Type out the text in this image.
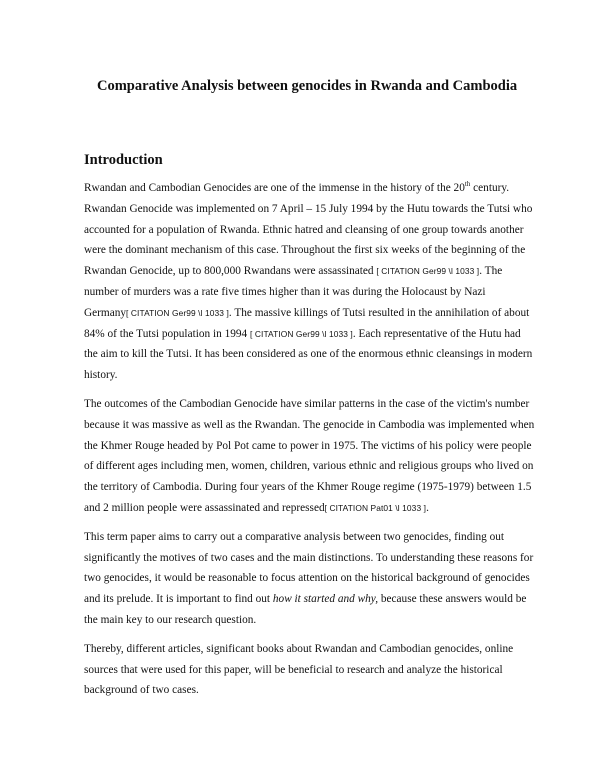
Comparative Analysis between genocides in Rwanda and Cambodia
Introduction

Rwandan and Cambodian Genocides are one of the immense in the history of the 20th century.
Rwandan Genocide was implemented on 7 April – 15 July 1994 by the Hutu towards the Tutsi who
accounted for a population of Rwanda. Ethnic hatred and cleansing of one group towards another
were the dominant mechanism of this case. Throughout the first six weeks of the beginning of the
Rwandan Genocide, up to 800,000 Rwandans were assassinated [ CITATION Ger99 \l 1033 ]. The
number of murders was a rate five times higher than it was during the Holocaust by Nazi
Germany[ CITATION Ger99 \l 1033 ]. The massive killings of Tutsi resulted in the annihilation of about
84% of the Tutsi population in 1994 [ CITATION Ger99 \l 1033 ]. Each representative of the Hutu had
the aim to kill the Tutsi. It has been considered as one of the enormous ethnic cleansings in modern
history.

The outcomes of the Cambodian Genocide have similar patterns in the case of the victim's number
because it was massive as well as the Rwandan. The genocide in Cambodia was implemented when
the Khmer Rouge headed by Pol Pot came to power in 1975. The victims of his policy were people
of different ages including men, women, children, various ethnic and religious groups who lived on
the territory of Cambodia. During four years of the Khmer Rouge regime (1975-1979) between 1.5
and 2 million people were assassinated and repressed[ CITATION Pat01 \l 1033 ].

This term paper aims to carry out a comparative analysis between two genocides, finding out
significantly the motives of two cases and the main distinctions. To understanding these reasons for
two genocides, it would be reasonable to focus attention on the historical background of genocides
and its prelude. It is important to find out how it started and why, because these answers would be
the main key to our research question.

Thereby, different articles, significant books about Rwandan and Cambodian genocides, online
sources that were used for this paper, will be beneficial to research and analyze the historical
background of two cases.
